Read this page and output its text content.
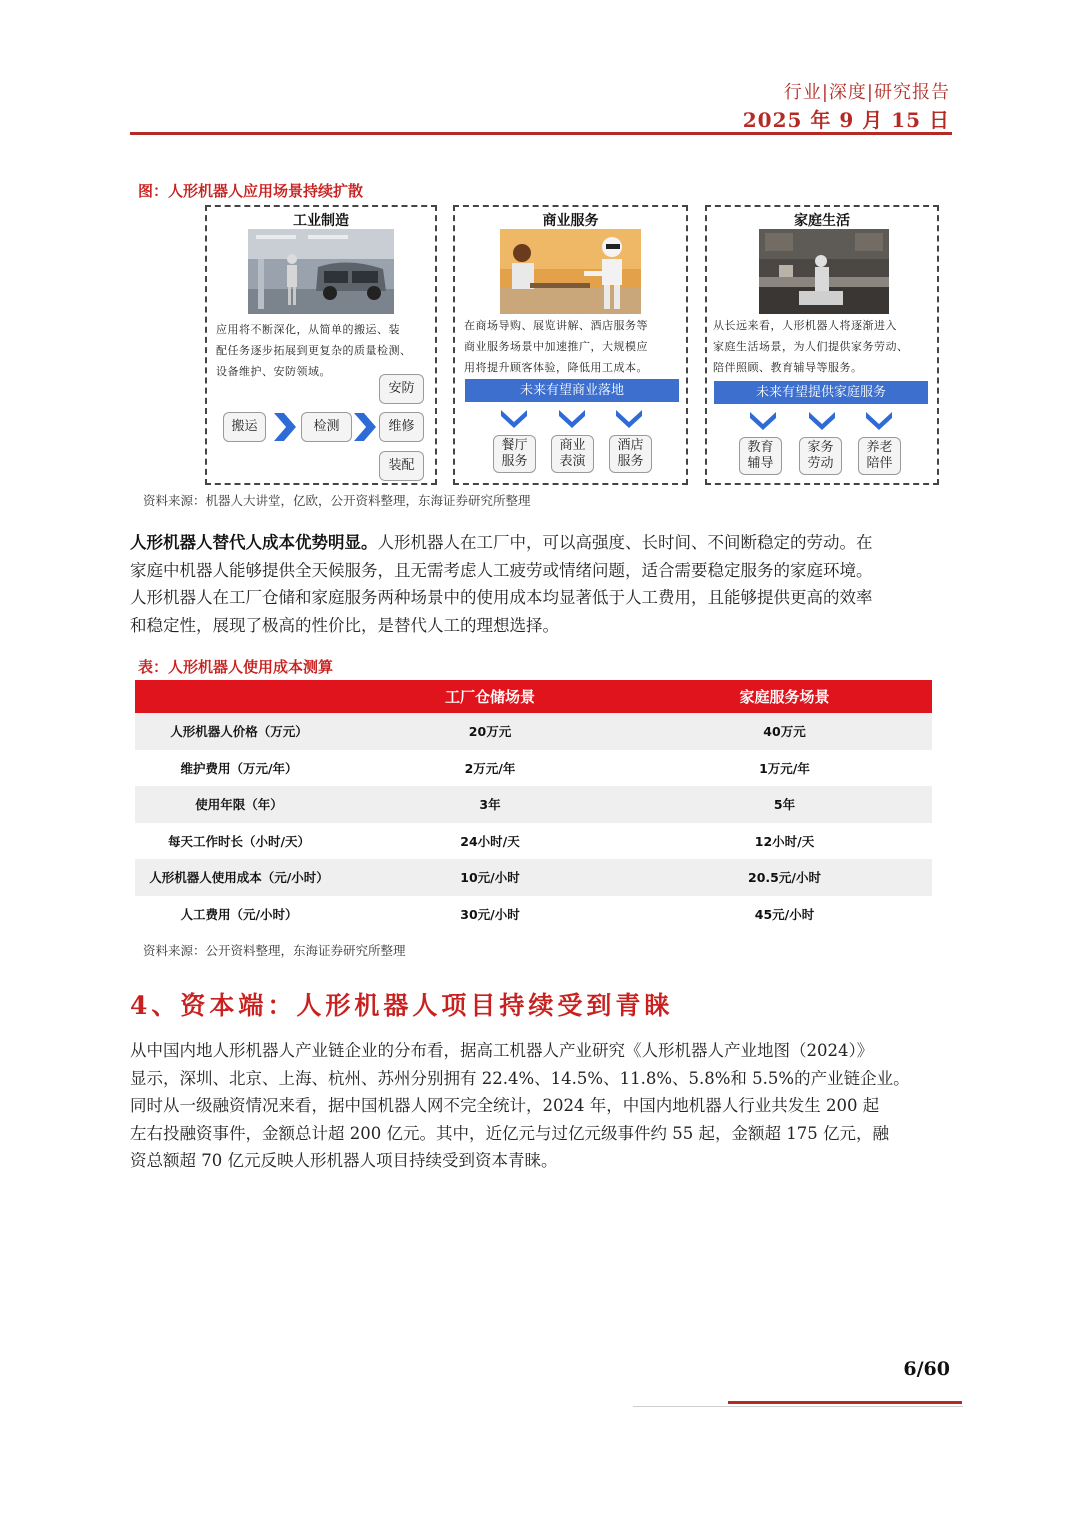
行业|深度|研究报告
2025 年 9 月 15 日
图：人形机器人应用场景持续扩散
工业制造
应用将不断深化，从简单的搬运、装
配任务逐步拓展到更复杂的质量检测、
设备维护、安防领域。
搬运	检测
安防
维修
装配
商业服务
在商场导购、展览讲解、酒店服务等
商业服务场景中加速推广，大规模应
用将提升顾客体验，降低用工成本。
未来有望商业落地
餐厅
服务
商业
表演
酒店
服务
家庭生活
从长远来看，人形机器人将逐渐进入
家庭生活场景，为人们提供家务劳动、
陪伴照顾、教育辅导等服务。
未来有望提供家庭服务
教育
辅导
家务
劳动
养老
陪伴
资料来源：机器人大讲堂，亿欧，公开资料整理，东海证券研究所整理
人形机器人替代人成本优势明显。人形机器人在工厂中，可以高强度、长时间、不间断稳定的劳动。在
家庭中机器人能够提供全天候服务，且无需考虑人工疲劳或情绪问题，适合需要稳定服务的家庭环境。
人形机器人在工厂仓储和家庭服务两种场景中的使用成本均显著低于人工费用，且能够提供更高的效率
和稳定性，展现了极高的性价比，是替代人工的理想选择。
表：人形机器人使用成本测算
	工厂仓储场景	家庭服务场景
人形机器人价格（万元）	20万元	40万元
维护费用（万元/年）	2万元/年	1万元/年
使用年限（年）	3年	5年
每天工作时长（小时/天）	24小时/天	12小时/天
人形机器人使用成本（元/小时）	10元/小时	20.5元/小时
人工费用（元/小时）	30元/小时	45元/小时
资料来源：公开资料整理，东海证券研究所整理
4、资本端：人形机器人项目持续受到青睐
从中国内地人形机器人产业链企业的分布看，据高工机器人产业研究《人形机器人产业地图（2024）》
显示，深圳、北京、上海、杭州、苏州分别拥有 22.4%、14.5%、11.8%、5.8%和 5.5%的产业链企业。
同时从一级融资情况来看，据中国机器人网不完全统计，2024 年，中国内地机器人行业共发生 200 起
左右投融资事件，金额总计超 200 亿元。其中，近亿元与过亿元级事件约 55 起，金额超 175 亿元，融
资总额超 70 亿元反映人形机器人项目持续受到资本青睐。
6/60
